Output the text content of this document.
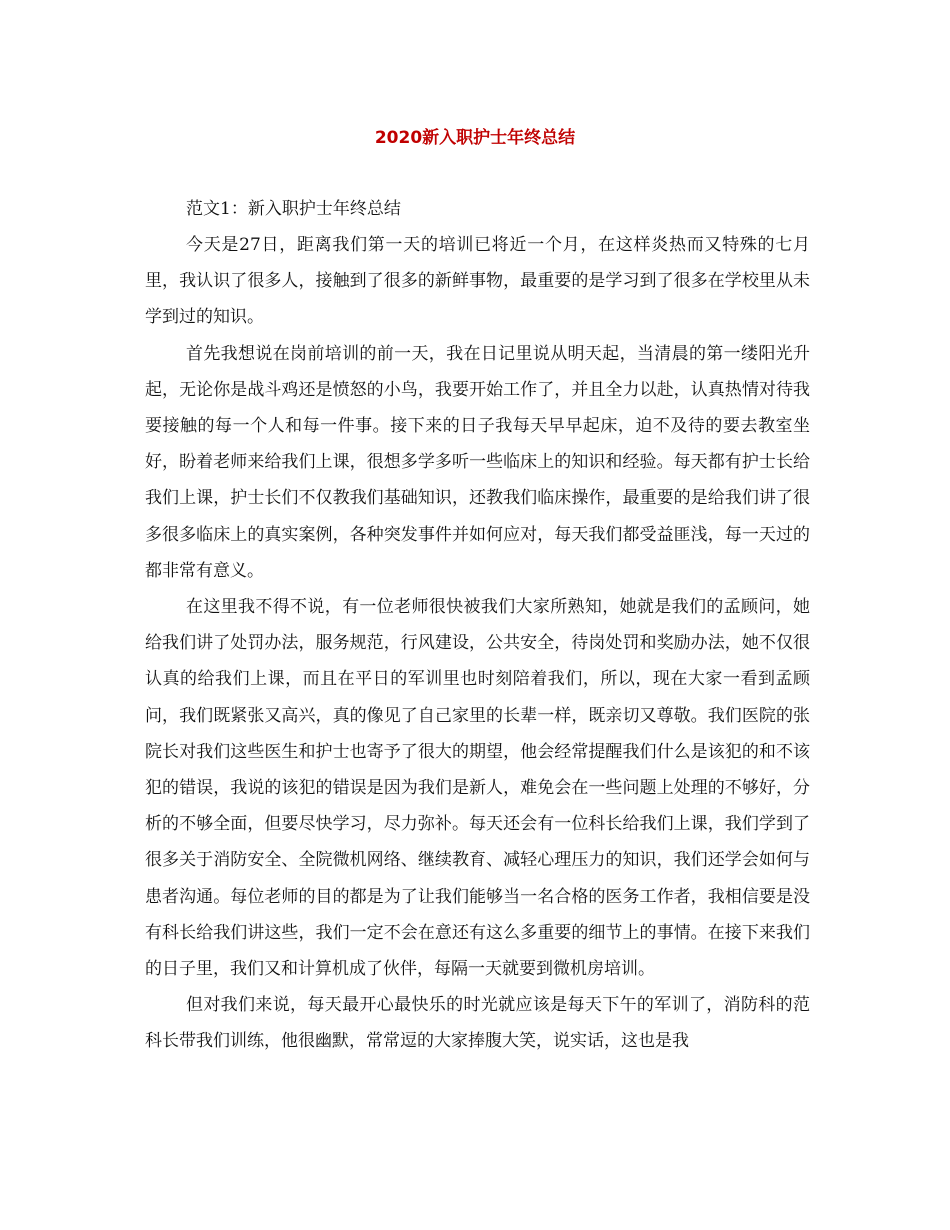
2020新入职护士年终总结
范文1：新入职护士年终总结

今天是27日，距离我们第一天的培训已将近一个月，在这样炎热而又特殊的七月里，我认识了很多人，接触到了很多的新鲜事物，最重要的是学习到了很多在学校里从未学到过的知识。

首先我想说在岗前培训的前一天，我在日记里说从明天起，当清晨的第一缕阳光升起，无论你是战斗鸡还是愤怒的小鸟，我要开始工作了，并且全力以赴，认真热情对待我要接触的每一个人和每一件事。接下来的日子我每天早早起床，迫不及待的要去教室坐好，盼着老师来给我们上课，很想多学多听一些临床上的知识和经验。每天都有护士长给我们上课，护士长们不仅教我们基础知识，还教我们临床操作，最重要的是给我们讲了很多很多临床上的真实案例，各种突发事件并如何应对，每天我们都受益匪浅，每一天过的都非常有意义。

在这里我不得不说，有一位老师很快被我们大家所熟知，她就是我们的孟顾问，她给我们讲了处罚办法，服务规范，行风建设，公共安全，待岗处罚和奖励办法，她不仅很认真的给我们上课，而且在平日的军训里也时刻陪着我们，所以，现在大家一看到孟顾问，我们既紧张又高兴，真的像见了自己家里的长辈一样，既亲切又尊敬。我们医院的张院长对我们这些医生和护士也寄予了很大的期望，他会经常提醒我们什么是该犯的和不该犯的错误，我说的该犯的错误是因为我们是新人，难免会在一些问题上处理的不够好，分析的不够全面，但要尽快学习，尽力弥补。每天还会有一位科长给我们上课，我们学到了很多关于消防安全、全院微机网络、继续教育、减轻心理压力的知识，我们还学会如何与患者沟通。每位老师的目的都是为了让我们能够当一名合格的医务工作者，我相信要是没有科长给我们讲这些，我们一定不会在意还有这么多重要的细节上的事情。在接下来我们的日子里，我们又和计算机成了伙伴，每隔一天就要到微机房培训。

但对我们来说，每天最开心最快乐的时光就应该是每天下午的军训了，消防科的范科长带我们训练，他很幽默，常常逗的大家捧腹大笑，说实话，这也是我
